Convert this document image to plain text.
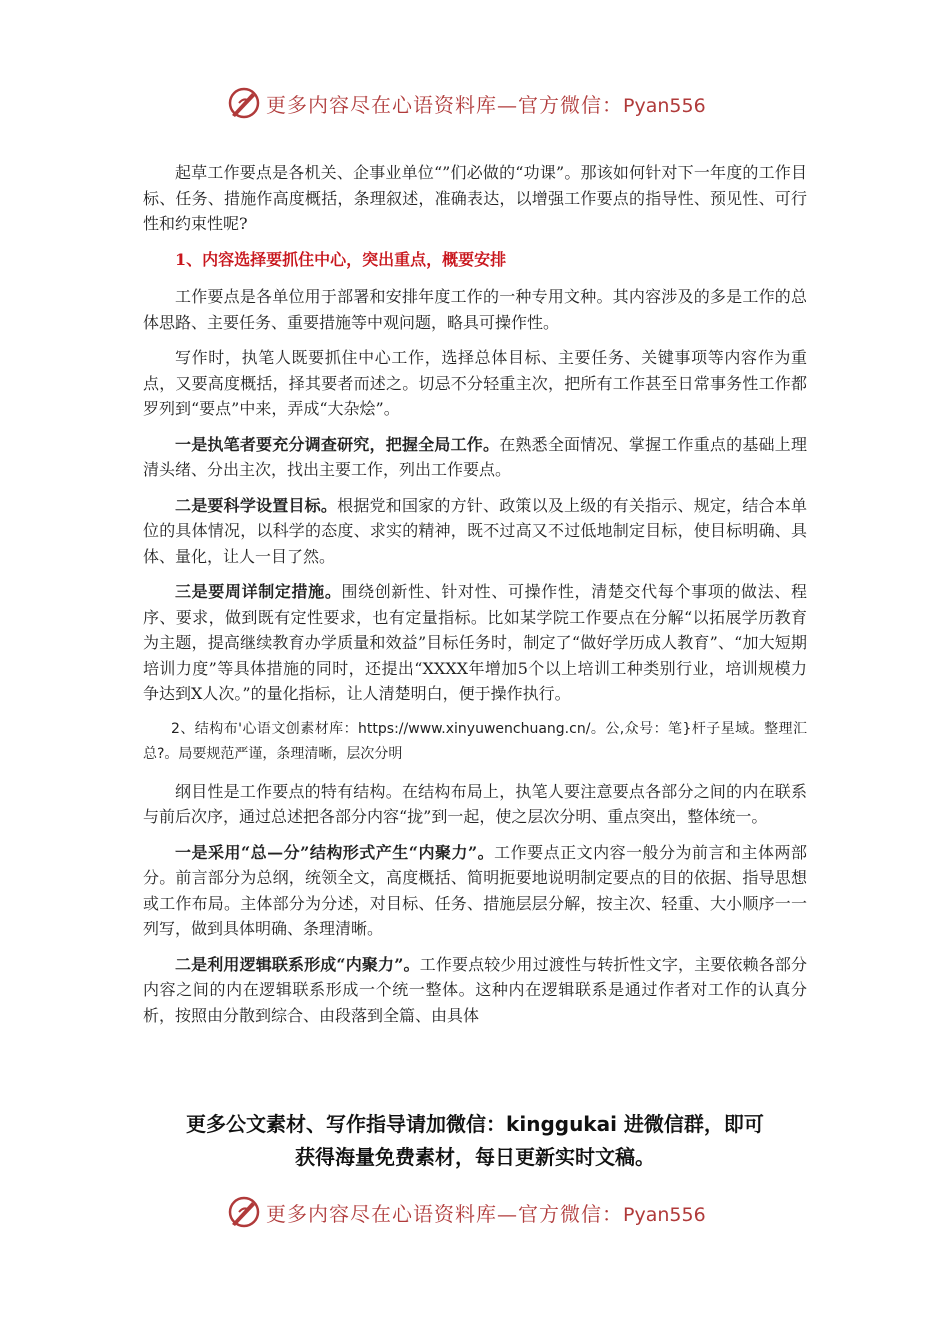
更多内容尽在心语资料库—官方微信：Pyan556

起草工作要点是各机关、企事业单位“”们必做的“功课”。那该如何针对下一年度的工作目标、任务、措施作高度概括，条理叙述，准确表达，以增强工作要点的指导性、预见性、可行性和约束性呢?

1、内容选择要抓住中心，突出重点，概要安排

工作要点是各单位用于部署和安排年度工作的一种专用文种。其内容涉及的多是工作的总体思路、主要任务、重要措施等中观问题，略具可操作性。

写作时，执笔人既要抓住中心工作，选择总体目标、主要任务、关键事项等内容作为重点，又要高度概括，择其要者而述之。切忌不分轻重主次，把所有工作甚至日常事务性工作都罗列到“要点”中来，弄成“大杂烩”。

一是执笔者要充分调查研究，把握全局工作。在熟悉全面情况、掌握工作重点的基础上理清头绪、分出主次，找出主要工作，列出工作要点。

二是要科学设置目标。根据党和国家的方针、政策以及上级的有关指示、规定，结合本单位的具体情况，以科学的态度、求实的精神，既不过高又不过低地制定目标，使目标明确、具体、量化，让人一目了然。

三是要周详制定措施。围绕创新性、针对性、可操作性，清楚交代每个事项的做法、程序、要求，做到既有定性要求，也有定量指标。比如某学院工作要点在分解“以拓展学历教育为主题，提高继续教育办学质量和效益”目标任务时，制定了“做好学历成人教育”、“加大短期培训力度”等具体措施的同时，还提出“XXXX年增加5个以上培训工种类别行业，培训规模力争达到X人次。”的量化指标，让人清楚明白，便于操作执行。

2、结构布'心语文创素材库：https://www.xinyuwenchuang.cn/。公,众号：笔}杆子星域。整理汇总?。局要规范严谨，条理清晰，层次分明

纲目性是工作要点的特有结构。在结构布局上，执笔人要注意要点各部分之间的内在联系与前后次序，通过总述把各部分内容“拢”到一起，使之层次分明、重点突出，整体统一。

一是采用“总—分”结构形式产生“内聚力”。工作要点正文内容一般分为前言和主体两部分。前言部分为总纲，统领全文，高度概括、简明扼要地说明制定要点的目的依据、指导思想或工作布局。主体部分为分述，对目标、任务、措施层层分解，按主次、轻重、大小顺序一一列写，做到具体明确、条理清晰。

二是利用逻辑联系形成“内聚力”。工作要点较少用过渡性与转折性文字，主要依赖各部分内容之间的内在逻辑联系形成一个统一整体。这种内在逻辑联系是通过作者对工作的认真分析，按照由分散到综合、由段落到全篇、由具体

更多公文素材、写作指导请加微信：kinggukai 进微信群，即可
获得海量免费素材，每日更新实时文稿。
更多内容尽在心语资料库—官方微信：Pyan556
